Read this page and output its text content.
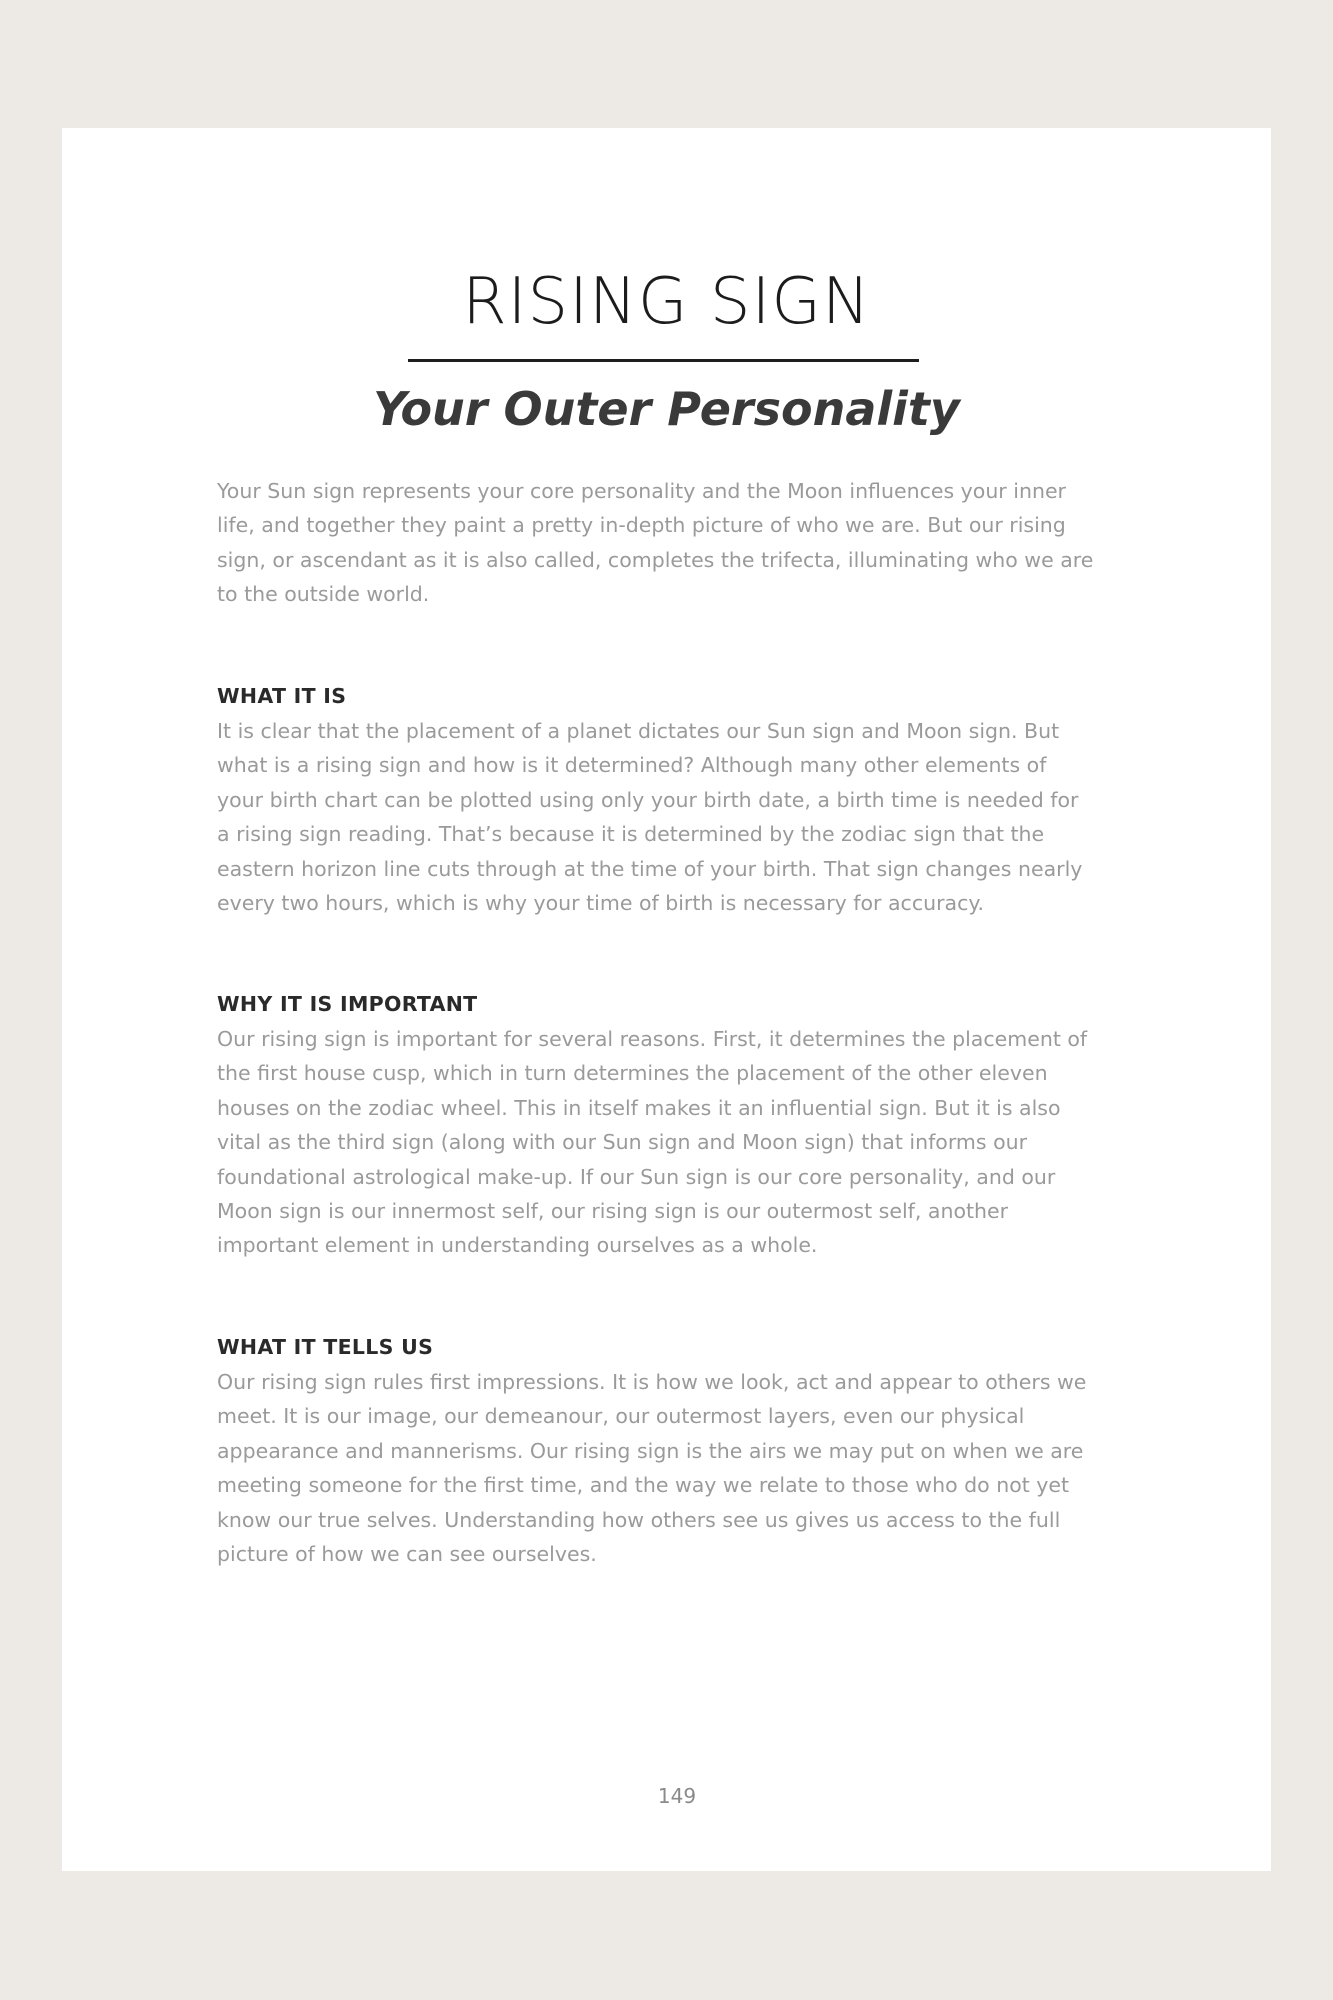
RISING SIGN
Your Outer Personality

Your Sun sign represents your core personality and the Moon influences your inner life, and together they paint a pretty in-depth picture of who we are. But our rising sign, or ascendant as it is also called, completes the trifecta, illuminating who we are to the outside world.

WHAT IT IS

It is clear that the placement of a planet dictates our Sun sign and Moon sign. But what is a rising sign and how is it determined? Although many other elements of your birth chart can be plotted using only your birth date, a birth time is needed for a rising sign reading. That’s because it is determined by the zodiac sign that the eastern horizon line cuts through at the time of your birth. That sign changes nearly every two hours, which is why your time of birth is necessary for accuracy.

WHY IT IS IMPORTANT

Our rising sign is important for several reasons. First, it determines the placement of the first house cusp, which in turn determines the placement of the other eleven houses on the zodiac wheel. This in itself makes it an influential sign. But it is also vital as the third sign (along with our Sun sign and Moon sign) that informs our foundational astrological make-up. If our Sun sign is our core personality, and our Moon sign is our innermost self, our rising sign is our outermost self, another important element in understanding ourselves as a whole.

WHAT IT TELLS US

Our rising sign rules first impressions. It is how we look, act and appear to others we meet. It is our image, our demeanour, our outermost layers, even our physical appearance and mannerisms. Our rising sign is the airs we may put on when we are meeting someone for the first time, and the way we relate to those who do not yet know our true selves. Understanding how others see us gives us access to the full picture of how we can see ourselves.

149
